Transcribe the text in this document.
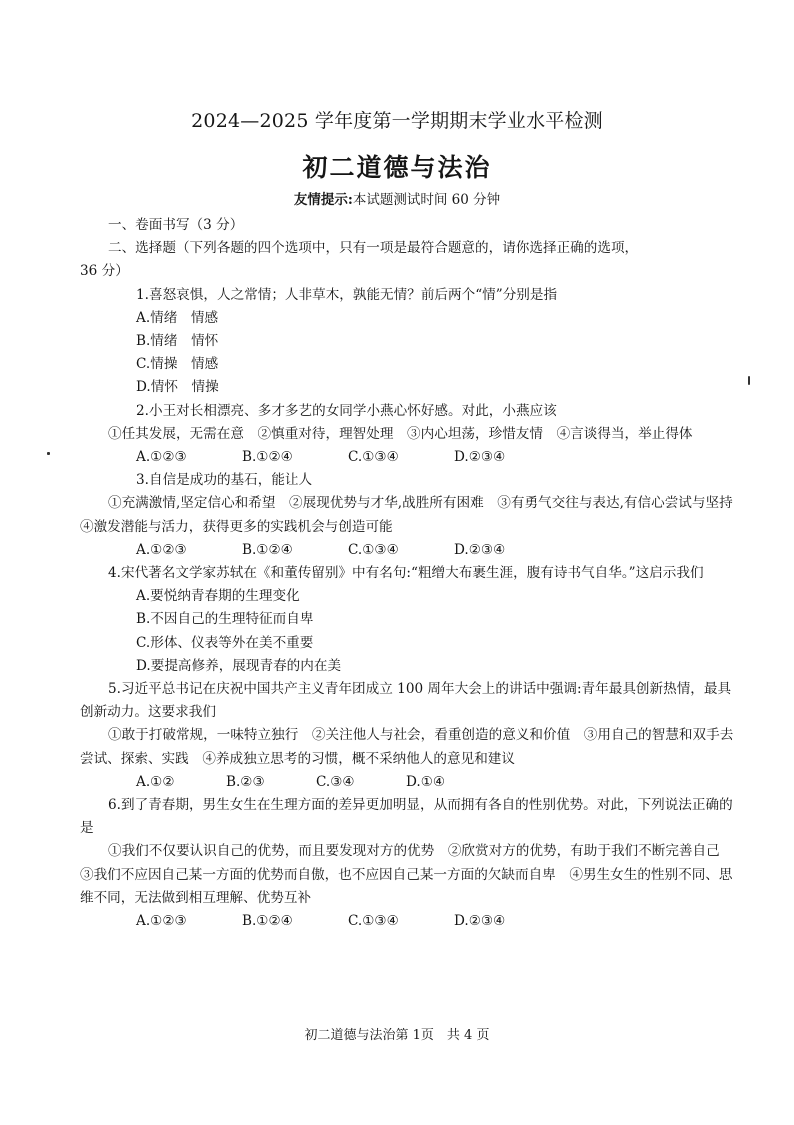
2024—2025 学年度第一学期期末学业水平检测
初二道德与法治
友情提示:本试题测试时间 60 分钟

一、卷面书写（3 分）

二、选择题（下列各题的四个选项中，只有一项是最符合题意的，请你选择正确的选项，

36 分）

1.喜怒哀惧，人之常情；人非草木，孰能无情？前后两个“情”分别是指

A.情绪　情感

B.情绪　情怀

C.情操　情感

D.情怀　情操

2.小王对长相漂亮、多才多艺的女同学小燕心怀好感。对此，小燕应该

①任其发展，无需在意　②慎重对待，理智处理　③内心坦荡，珍惜友情　④言谈得当，举止得体

A.①②③	B.①②④	C.①③④	D.②③④

3.自信是成功的基石，能让人

①充满激情,坚定信心和希望　②展现优势与才华,战胜所有困难　③有勇气交往与表达,有信心尝试与坚持　④激发潜能与活力，获得更多的实践机会与创造可能

A.①②③	B.①②④	C.①③④	D.②③④

4.宋代著名文学家苏轼在《和董传留别》中有名句:“粗缯大布裹生涯，腹有诗书气自华。”这启示我们

A.要悦纳青春期的生理变化

B.不因自己的生理特征而自卑

C.形体、仪表等外在美不重要

D.要提高修养，展现青春的内在美

5.习近平总书记在庆祝中国共产主义青年团成立 100 周年大会上的讲话中强调:青年最具创新热情，最具创新动力。这要求我们

①敢于打破常规，一味特立独行　②关注他人与社会，看重创造的意义和价值　③用自己的智慧和双手去尝试、探索、实践　④养成独立思考的习惯，概不采纳他人的意见和建议

A.①②	B.②③	C.③④	D.①④

6.到了青春期，男生女生在生理方面的差异更加明显，从而拥有各自的性别优势。对此，下列说法正确的是

①我们不仅要认识自己的优势，而且要发现对方的优势　②欣赏对方的优势，有助于我们不断完善自己　③我们不应因自己某一方面的优势而自傲，也不应因自己某一方面的欠缺而自卑　④男生女生的性别不同、思维不同，无法做到相互理解、优势互补

A.①②③	B.①②④	C.①③④	D.②③④

初二道德与法治第 1页　共 4 页
